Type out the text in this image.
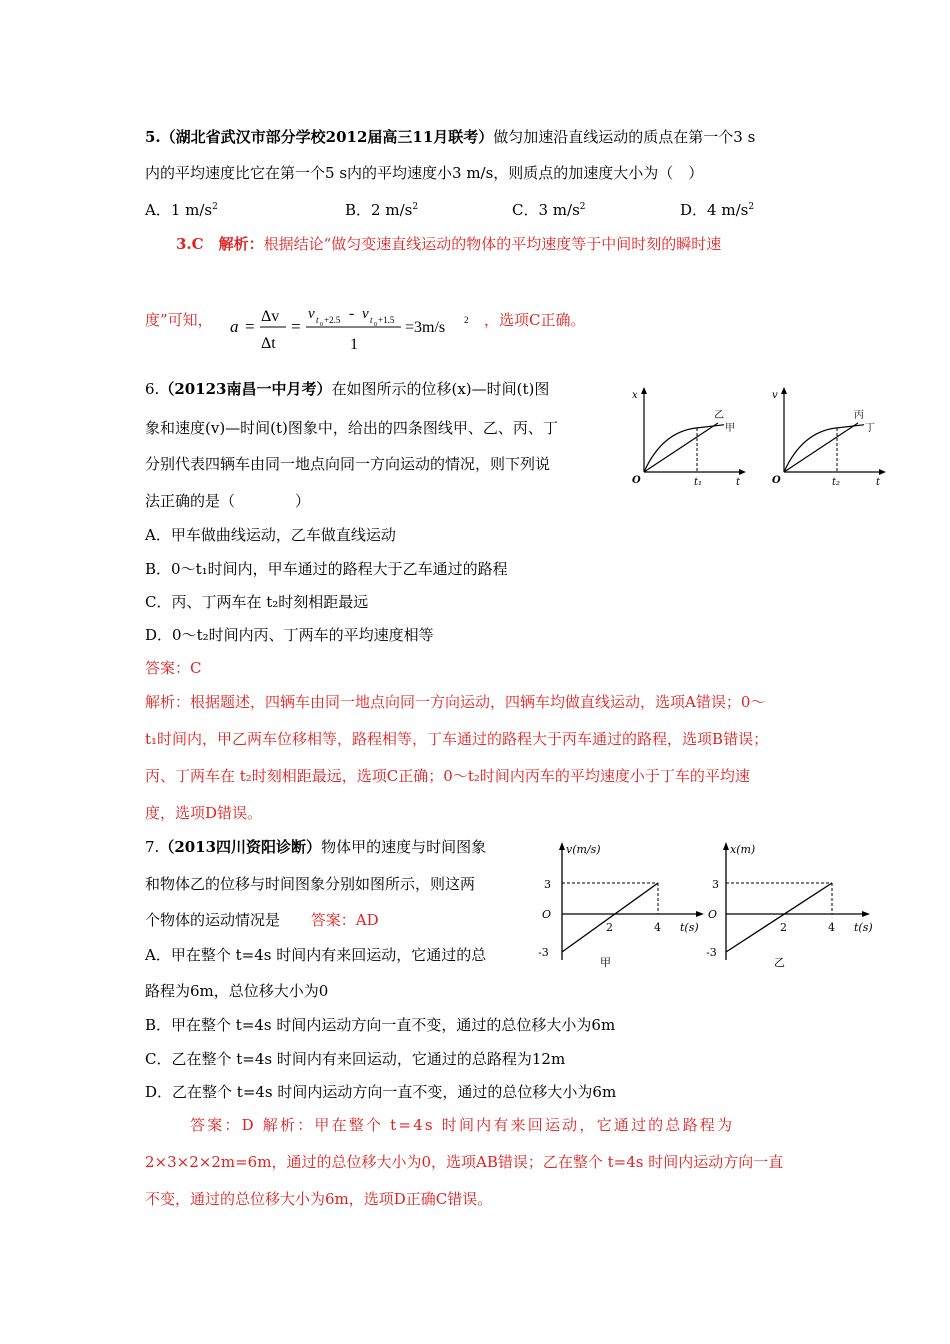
5.（湖北省武汉市部分学校2012届高三11月联考）做匀加速沿直线运动的质点在第一个3 s
内的平均速度比它在第一个5 s内的平均速度小3 m/s，则质点的加速度大小为（　）
A．1 $m/s^2$	B．2 $m/s^2$	C．3 $m/s^2$	D．4 $m/s^2$
3.C　解析：根据结论“做匀变速直线运动的物体的平均速度等于中间时刻的瞬时速
度”可知， a =
Δv
Δt
=
v t 0 +2.5 - v t 0 +1.5
1
=3m/s 2 ，选项C正确。
6.（20123南昌一中月考）在如图所示的位移(x)—时间(t)图
象和速度(v)—时间(t)图象中，给出的四条图线甲、乙、丙、丁
分别代表四辆车由同一地点向同一方向运动的情况，则下列说
法正确的是（　　　　）
x
t
O	t₁
乙
甲
v
t
O	t₂
丙
丁
A．甲车做曲线运动，乙车做直线运动
B．0～t₁时间内，甲车通过的路程大于乙车通过的路程
C．丙、丁两车在 t₂时刻相距最远
D．0～t₂时间内丙、丁两车的平均速度相等
答案：C
解析：根据题述，四辆车由同一地点向同一方向运动，四辆车均做直线运动，选项A错误；0～
t₁时间内，甲乙两车位移相等，路程相等，丁车通过的路程大于丙车通过的路程，选项B错误；
丙、丁两车在 t₂时刻相距最远，选项C正确；0～t₂时间内丙车的平均速度小于丁车的平均速
度，选项D错误。
7.（2013四川资阳诊断）物体甲的速度与时间图象
和物体乙的位移与时间图象分别如图所示，则这两
个物体的运动情况是 答案：AD
v(m/s)
t(s)
O
3
-3
2	4
甲
x(m)
t(s)
O
3
-3
2	4
乙
A．甲在整个 t=4s 时间内有来回运动，它通过的总
路程为6m，总位移大小为0
B．甲在整个 t=4s 时间内运动方向一直不变，通过的总位移大小为6m
C．乙在整个 t=4s 时间内有来回运动，它通过的总路程为12m
D．乙在整个 t=4s 时间内运动方向一直不变，通过的总位移大小为6m
答案：D 解析：甲在整个 t=4s 时间内有来回运动，它通过的总路程为
2×3×2×2m=6m，通过的总位移大小为0，选项AB错误；乙在整个 t=4s 时间内运动方向一直
不变，通过的总位移大小为6m，选项D正确C错误。
